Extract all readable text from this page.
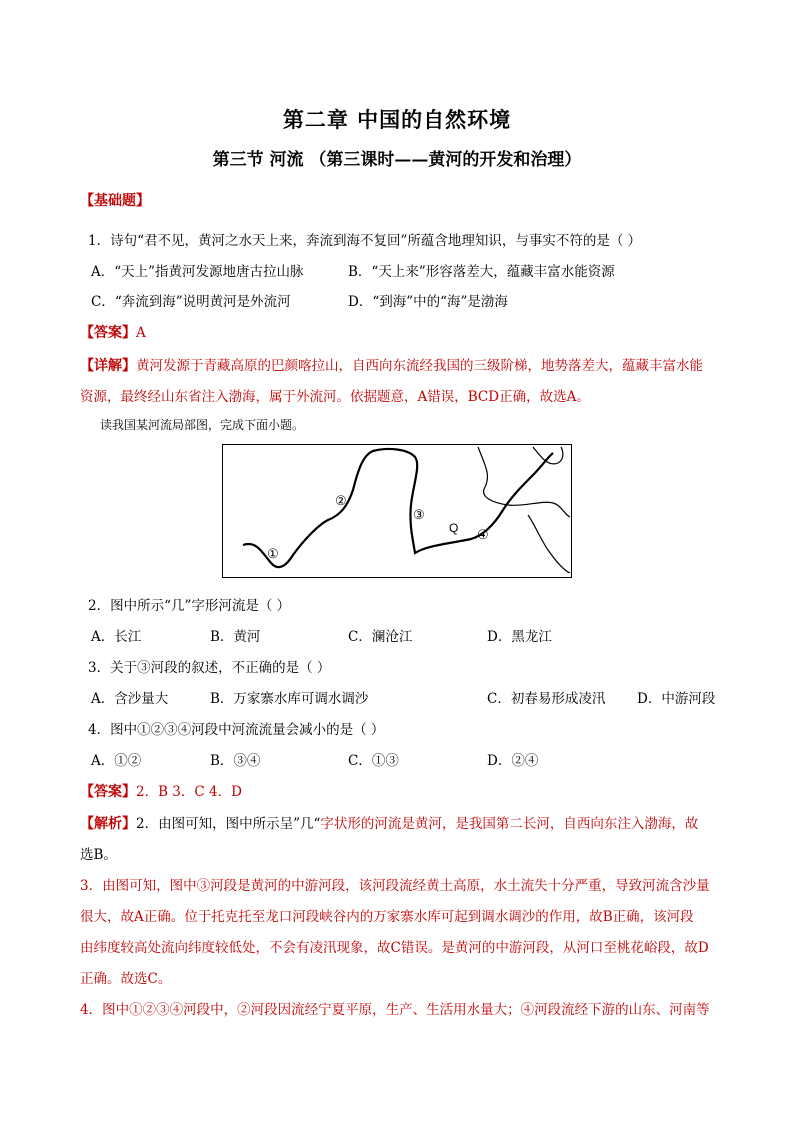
第二章 中国的自然环境
第三节 河流 （第三课时——黄河的开发和治理）
【基础题】
1．诗句“君不见，黄河之水天上来，奔流到海不复回”所蕴含地理知识，与事实不符的是（ ）
A．“天上”指黄河发源地唐古拉山脉	B．“天上来”形容落差大，蕴藏丰富水能资源
C．“奔流到海”说明黄河是外流河	D．“到海”中的“海”是渤海
【答案】A
【详解】黄河发源于青藏高原的巴颜喀拉山，自西向东流经我国的三级阶梯，地势落差大，蕴藏丰富水能
资源，最终经山东省注入渤海，属于外流河。依据题意，A错误，BCD正确，故选A。
读我国某河流局部图，完成下面小题。
①
②
③
Q ④
2．图中所示“几”字形河流是（ ）
A．长江	B．黄河	C．澜沧江	D．黑龙江
3．关于③河段的叙述，不正确的是（ ）
A．含沙量大	B．万家寨水库可调水调沙	C．初春易形成凌汛 D．中游河段
4．图中①②③④河段中河流流量会减小的是（ ）
A．①②	B．③④	C．①③	D．②④
【答案】2．B 3．C 4．D
【解析】2．由图可知，图中所示呈”几“字状形的河流是黄河，是我国第二长河，自西向东注入渤海，故
选B。
3．由图可知，图中③河段是黄河的中游河段，该河段流经黄土高原，水土流失十分严重，导致河流含沙量
很大，故A正确。位于托克托至龙口河段峡谷内的万家寨水库可起到调水调沙的作用，故B正确，该河段
由纬度较高处流向纬度较低处，不会有凌汛现象，故C错误。是黄河的中游河段，从河口至桃花峪段，故D
正确。故选C。
4．图中①②③④河段中，②河段因流经宁夏平原，生产、生活用水量大；④河段流经下游的山东、河南等
